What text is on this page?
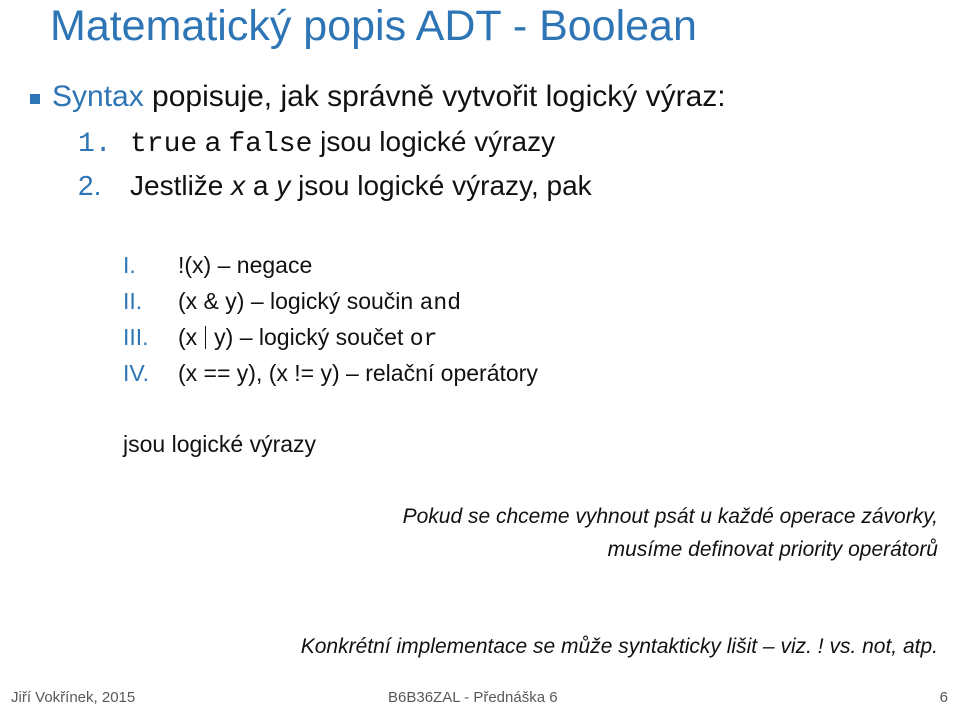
Matematický popis ADT - Boolean
Syntax popisuje, jak správně vytvořit logický výraz:
1. true a false jsou logické výrazy
2. Jestliže x a y jsou logické výrazy, pak
I. !(x) – negace
II. (x & y) – logický součin and
III. (x y) – logický součet or
IV. (x == y), (x != y) – relační operátory
jsou logické výrazy
Pokud se chceme vyhnout psát u každé operace závorky,
musíme definovat priority operátorů
Konkrétní implementace se může syntakticky lišit – viz. ! vs. not, atp.
Jiří Vokřínek, 2015	B6B36ZAL - Přednáška 6	6
